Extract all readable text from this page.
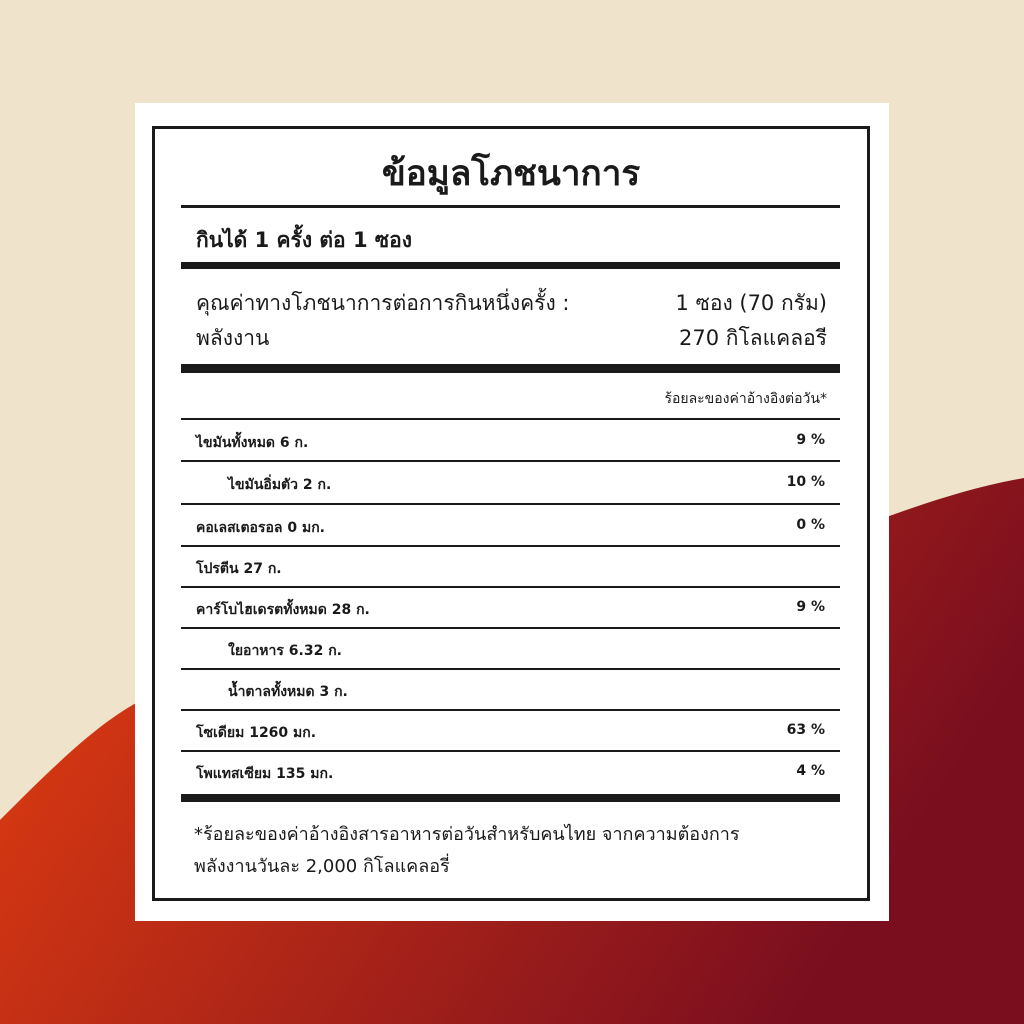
ข้อมูลโภชนาการ
กินได้ 1 ครั้ง ต่อ 1 ซอง
คุณค่าทางโภชนาการต่อการกินหนึ่งครั้ง :	1 ซอง (70 กรัม)
พลังงาน	270 กิโลแคลอรี
ร้อยละของค่าอ้างอิงต่อวัน*
ไขมันทั้งหมด 6 ก.	9 %
ไขมันอิ่มตัว 2 ก.	10 %
คอเลสเตอรอล 0 มก.	0 %
โปรตีน 27 ก.
คาร์โบไฮเดรตทั้งหมด 28 ก.	9 %
ใยอาหาร 6.32 ก.
น้ำตาลทั้งหมด 3 ก.
โซเดียม 1260 มก.	63 %
โพแทสเซียม 135 มก.	4 %
*ร้อยละของค่าอ้างอิงสารอาหารต่อวันสำหรับคนไทย จากความต้องการ
พลังงานวันละ 2,000 กิโลแคลอรี่
